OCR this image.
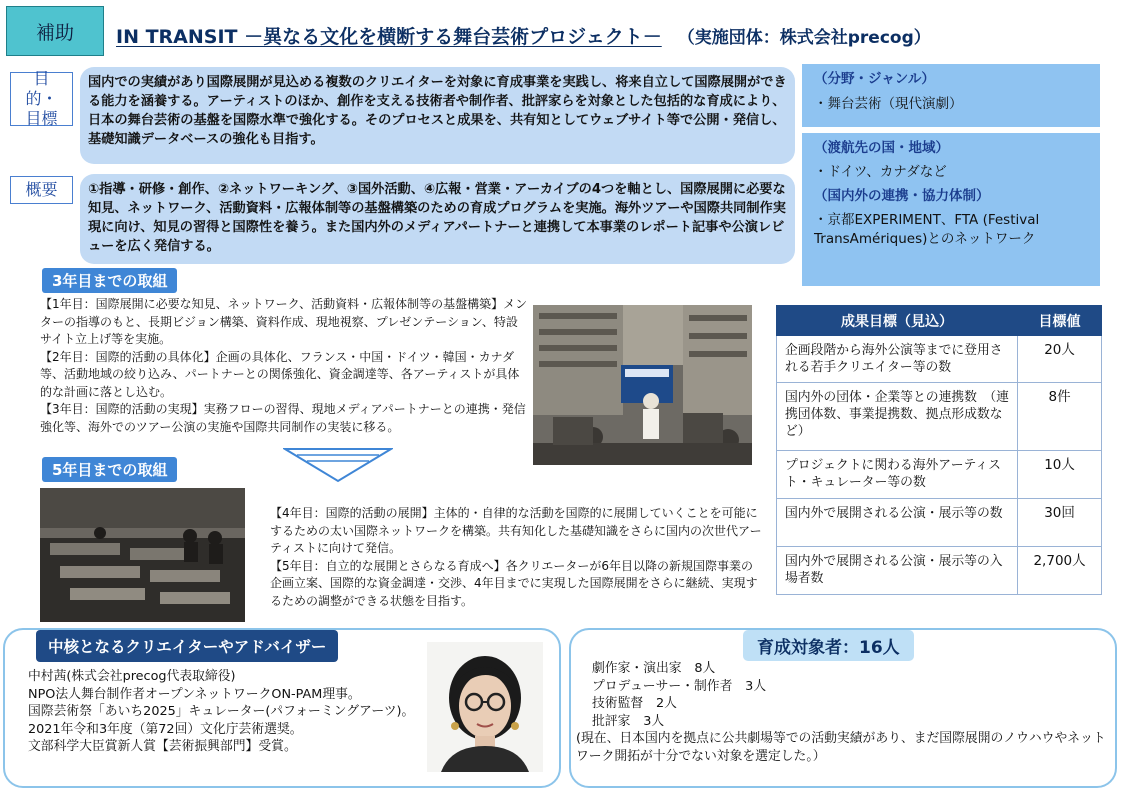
補助 IN TRANSIT －異なる文化を横断する舞台芸術プロジェクト－ （実施団体：株式会社precog）
目的・目標
国内での実績があり国際展開が見込める複数のクリエイターを対象に育成事業を実践し、将来自立して国際展開ができる能力を涵養する。アーティストのほか、創作を支える技術者や制作者、批評家らを対象とした包括的な育成により、日本の舞台芸術の基盤を国際水準で強化する。そのプロセスと成果を、共有知としてウェブサイト等で公開・発信し、基礎知識データベースの強化も目指す。
概要	①指導・研修・創作、②ネットワーキング、③国外活動、④広報・営業・アーカイブの4つを軸とし、国際展開に必要な知見、ネットワーク、活動資料・広報体制等の基盤構築のための育成プログラムを実施。海外ツアーや国際共同制作実現に向け、知見の習得と国際性を養う。また国内外のメディアパートナーと連携して本事業のレポート記事や公演レビューを広く発信する。
（分野・ジャンル）
・舞台芸術（現代演劇）
（渡航先の国・地域）
・ドイツ、カナダなど
（国内外の連携・協力体制）
・京都EXPERIMENT、FTA (Festival TransAmériques)とのネットワーク
3年目までの取組
【1年目：国際展開に必要な知見、ネットワーク、活動資料・広報体制等の基盤構築】メンターの指導のもと、長期ビジョン構築、資料作成、現地視察、プレゼンテーション、特設サイト立上げ等を実施。
【2年目：国際的活動の具体化】企画の具体化、フランス・中国・ドイツ・韓国・カナダ等、活動地域の絞り込み、パートナーとの関係強化、資金調達等、各アーティストが具体的な計画に落とし込む。
【3年目：国際的活動の実現】実務フローの習得、現地メディアパートナーとの連携・発信強化等、海外でのツアー公演の実施や国際共同制作の実装に移る。
5年目までの取組
【4年目：国際的活動の展開】主体的・自律的な活動を国際的に展開していくことを可能にするための太い国際ネットワークを構築。共有知化した基礎知識をさらに国内の次世代アーティストに向けて発信。
【5年目：自立的な展開とさらなる育成へ】各クリエーターが6年目以降の新規国際事業の企画立案、国際的な資金調達・交渉、4年目までに実現した国際展開をさらに継続、実現するための調整ができる状態を目指す。
成果目標（見込）	目標値
企画段階から海外公演等までに登用される若手クリエイター等の数	20人
国内外の団体・企業等との連携数　（連携団体数、事業提携数、拠点形成数など）	8件
プロジェクトに関わる海外アーティスト・キュレーター等の数	10人
国内外で展開される公演・展示等の数	30回
国内外で展開される公演・展示等の入場者数	2,700人
中核となるクリエイターやアドバイザー
中村茜(株式会社precog代表取締役)
NPO法人舞台制作者オープンネットワークON-PAM理事。
国際芸術祭「あいち2025」キュレーター(パフォーミングアーツ)。2021年令和3年度（第72回）文化庁芸術選奨。
文部科学大臣賞新人賞【芸術振興部門】受賞。
育成対象者：16人
劇作家・演出家　8人
プロデューサー・制作者　3人
技術監督　2人
批評家　3人
(現在、日本国内を拠点に公共劇場等での活動実績があり、まだ国際展開のノウハウやネットワーク開拓が十分でない対象を選定した。）
